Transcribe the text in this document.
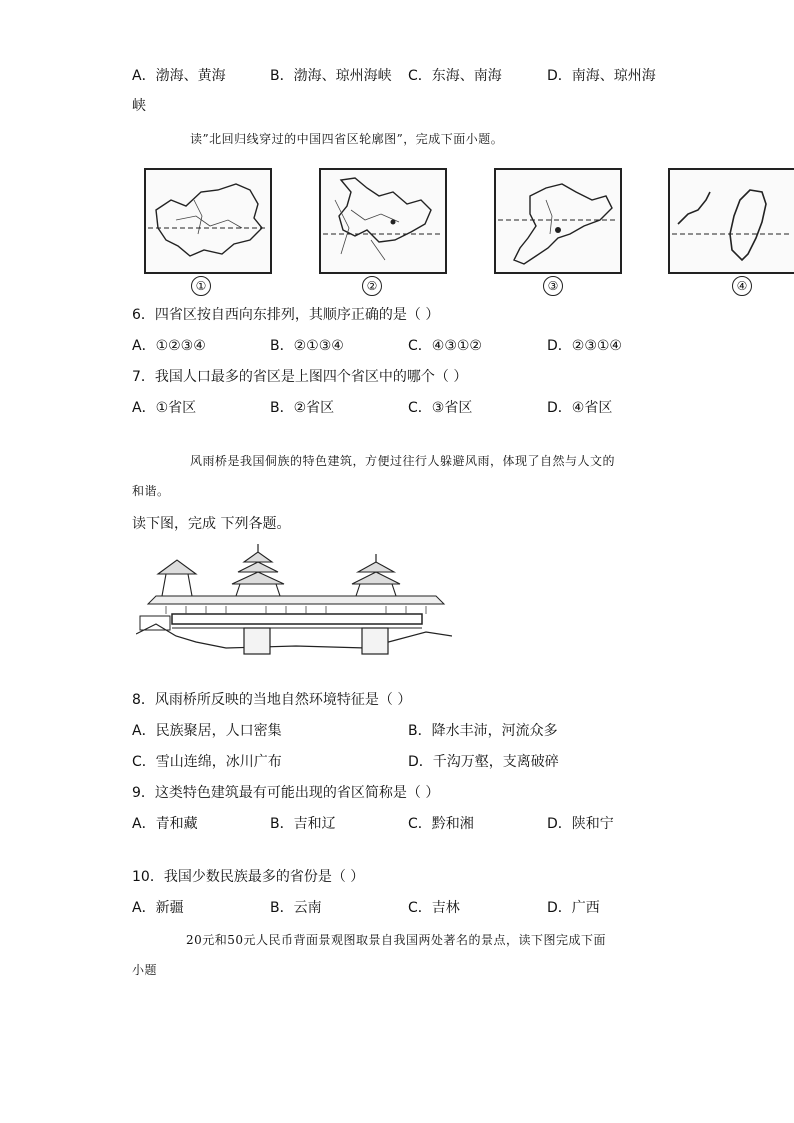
A．渤海、黄海	B．渤海、琼州海峡 C．东海、南海	D．南海、琼州海
峡
读”北回归线穿过的中国四省区轮廓图”，完成下面小题。
①	②	③	④
6．四省区按自西向东排列，其顺序正确的是（ ）
A．①②③④	B．②①③④	C．④③①②	D．②③①④
7．我国人口最多的省区是上图四个省区中的哪个（ ）
A．①省区	B．②省区	C．③省区	D．④省区
风雨桥是我国侗族的特色建筑，方便过往行人躲避风雨，体现了自然与人文的
和谐。
读下图，完成 下列各题。
8．风雨桥所反映的当地自然环境特征是（ ）
A．民族聚居，人口密集	B．降水丰沛，河流众多
C．雪山连绵，冰川广布	D．千沟万壑，支离破碎
9．这类特色建筑最有可能出现的省区简称是（ ）
A．青和藏	B．吉和辽	C．黔和湘	D．陕和宁
10．我国少数民族最多的省份是（ ）
A．新疆	B．云南	C．吉林	D．广西
20元和50元人民币背面景观图取景自我国两处著名的景点，读下图完成下面
小题
